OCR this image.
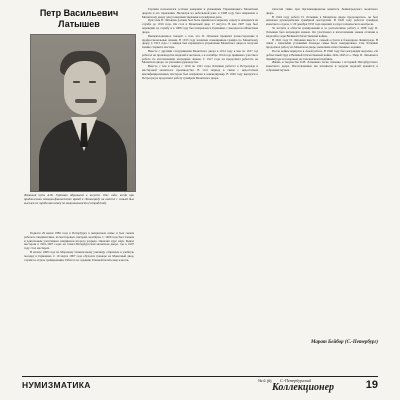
Петр Васильевич
Латышев
Жеваный путь А.Ф. Гартман обрывался в августе 1941 года, когда при приближении немецко-фашистских армий к Ленинграду он вместе с семьей был выселен из города как немец по национальности (эстрадский).

Родился 29 июня 1882 года в Петербурге в мещанской семье и был сыном рабочего синдикатчика, из мастеровых, писарей, монтёров. С 1900 года был членом и деятельным участником синдикатов второго разряда. Окончил курс наук. Бывал мастером в 1901-1907 годах на Санкт-Петербургском монетном дворе, где в 1907 году стал мастером.

В начале 1908 года по Морскому техническому училищу отправлен в учебную поездку в Германию. С 10 марта 1907 года обучался гравюре на Монетный двор, служил в отделе гравирования. Работал по заданию Главной палаты мер и весов.

Гартман пользовался особым доверием и уважением Управляющего Монетным двором и его правления. Несмотря на небольшой ранг, в 1908 году был направлен к Монетному двору для усовершенствования в гравёрном деле.

При этом П. Латышев должен был быть приписан к мерному отделу и находился на службе до 1916 года. Он стал в Монетный двор 17 августа. В мае 1907 года был переведён на службу и в 1908 году был направлен в Германию с выездом на Монетном дворе.

Вышеизложенное говорит о том, что П. Латышев проявлял разносторонние и профессиональные знания. В 1913 году назначен помощником гравёра по Монетному двору. С 1915 года с 1 января был переведён в управление Монетного двора и получил звание старшего мастера.

Вместе с другими сотрудниками Монетного двора в 1914 году в мае по 1917 год работал на производстве медалей и жетонов, а в сентябре 1914 года принимал участие в работе по изготовлению наградных знаков. С 1917 года он продолжал работать на Монетном дворе, по указанию руководства.

Вместе с тем в период с 1919 по 1921 годы Латышев работал в Петрограде в мастерской монетного производства. В этот период в связи с недостатком квалифицированных мастеров был направлен в командировку. В 1920 году вернулся в Петроград и продолжал работу гравёром Монетного двора.

запастей тайна при Организационном комитете Ленинградского монетного двора.

В 1924 году работа П. Латышев в Монетном дворе продолжалась, он был назначен руководителем гравёрной мастерской. В 1926 году работал гравёром монетного отдела. С 20 декабря 1933 года перешёл в отдел технического контроля.

За заслуги в области гравирования и за долголетнюю работу в 1938 году П. Латышев был награждён знаком. Он участвовал в изготовлении знаков отличия и медалей в годы Великой Отечественной войны.

В 1941 году П. Латышев вместе с семьей остался в блокадном Ленинграде. В связи с тяжелыми условиями блокады семья была эвакуирована. Сам Латышев продолжал работу на Монетном дворе, выполняя ответственные задания.

После войны вернулся к своей работе. В 1946 году был награждён медалью «За доблестный труд в Великой Отечественной войне 1941-1945 гг.». Умер П. Латышев в Ленинграде и похоронен на Смоленском кладбище.

Жизнь и творчество П.В. Латышева тесно связаны с историей Петербургского монетного двора. Изготовленные им штемпели и модели медалей хранятся в собраниях музеев.

Марат Бейбор (С.-Петербург)
НУМИЗМАТИКА	№ 6 (6) С.-Петербургский
Коллекционер	19
